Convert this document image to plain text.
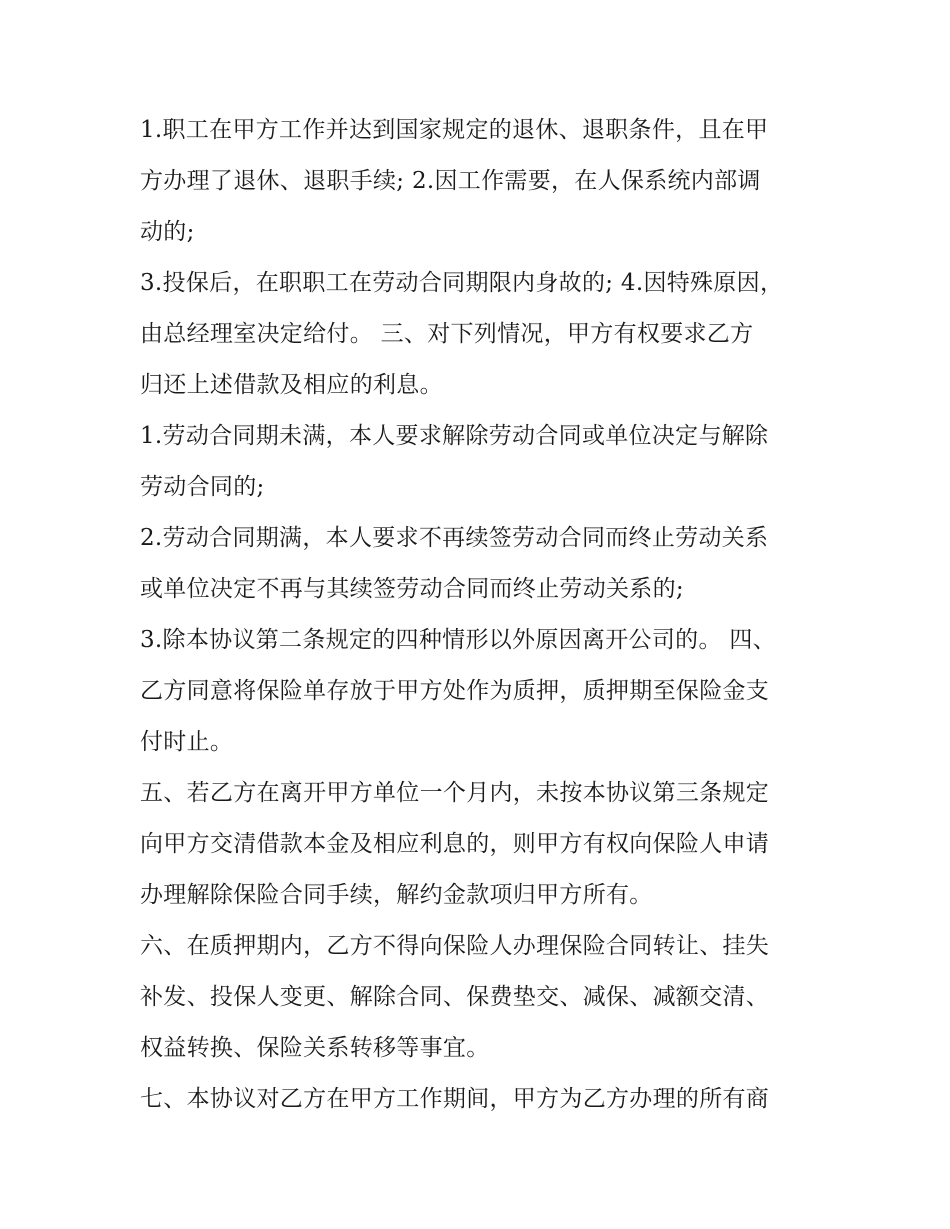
1.职工在甲方工作并达到国家规定的退休、退职条件，且在甲
方办理了退休、退职手续; 2.因工作需要，在人保系统内部调
动的;
3.投保后，在职职工在劳动合同期限内身故的; 4.因特殊原因，
由总经理室决定给付。 三、对下列情况，甲方有权要求乙方
归还上述借款及相应的利息。
1.劳动合同期未满，本人要求解除劳动合同或单位决定与解除
劳动合同的;
2.劳动合同期满，本人要求不再续签劳动合同而终止劳动关系
或单位决定不再与其续签劳动合同而终止劳动关系的;
3.除本协议第二条规定的四种情形以外原因离开公司的。 四、
乙方同意将保险单存放于甲方处作为质押，质押期至保险金支
付时止。
五、若乙方在离开甲方单位一个月内，未按本协议第三条规定
向甲方交清借款本金及相应利息的，则甲方有权向保险人申请
办理解除保险合同手续，解约金款项归甲方所有。
六、在质押期内，乙方不得向保险人办理保险合同转让、挂失
补发、投保人变更、解除合同、保费垫交、减保、减额交清、
权益转换、保险关系转移等事宜。
七、本协议对乙方在甲方工作期间，甲方为乙方办理的所有商
